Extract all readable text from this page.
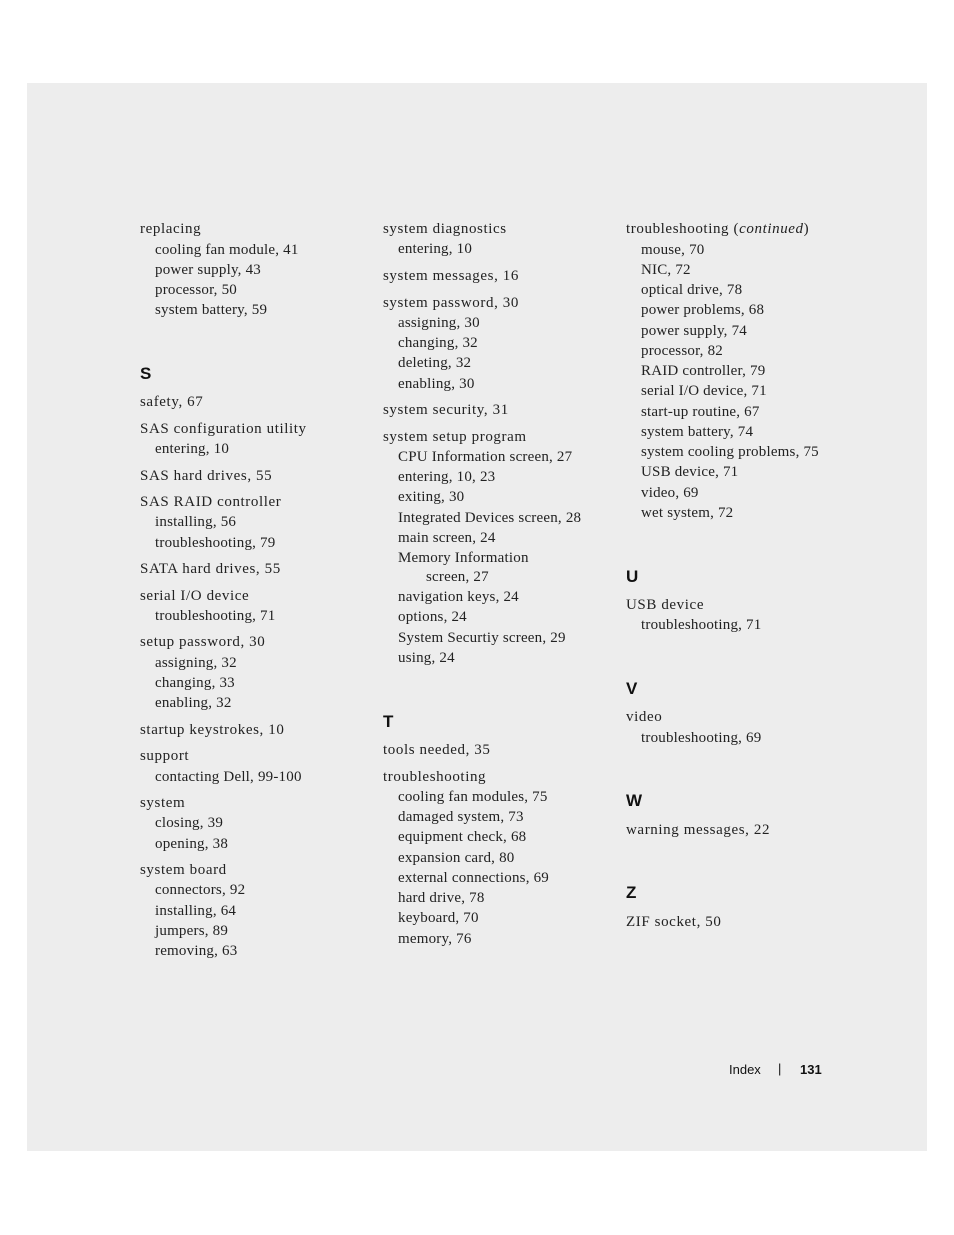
replacing
cooling fan module, 41
power supply, 43
processor, 50
system battery, 59
S
safety, 67
SAS configuration utility
entering, 10
SAS hard drives, 55
SAS RAID controller
installing, 56
troubleshooting, 79
SATA hard drives, 55
serial I/O device
troubleshooting, 71
setup password, 30
assigning, 32
changing, 33
enabling, 32
startup keystrokes, 10
support
contacting Dell, 99-100
system
closing, 39
opening, 38
system board
connectors, 92
installing, 64
jumpers, 89
removing, 63
system diagnostics
entering, 10
system messages, 16
system password, 30
assigning, 30
changing, 32
deleting, 32
enabling, 30
system security, 31
system setup program
CPU Information screen, 27
entering, 10, 23
exiting, 30
Integrated Devices screen, 28
main screen, 24
Memory Information
screen, 27
navigation keys, 24
options, 24
System Securtiy screen, 29
using, 24
T
tools needed, 35
troubleshooting
cooling fan modules, 75
damaged system, 73
equipment check, 68
expansion card, 80
external connections, 69
hard drive, 78
keyboard, 70
memory, 76
troubleshooting (continued)
mouse, 70
NIC, 72
optical drive, 78
power problems, 68
power supply, 74
processor, 82
RAID controller, 79
serial I/O device, 71
start-up routine, 67
system battery, 74
system cooling problems, 75
USB device, 71
video, 69
wet system, 72
U
USB device
troubleshooting, 71
V
video
troubleshooting, 69
W
warning messages, 22
Z
ZIF socket, 50
Index | 131
